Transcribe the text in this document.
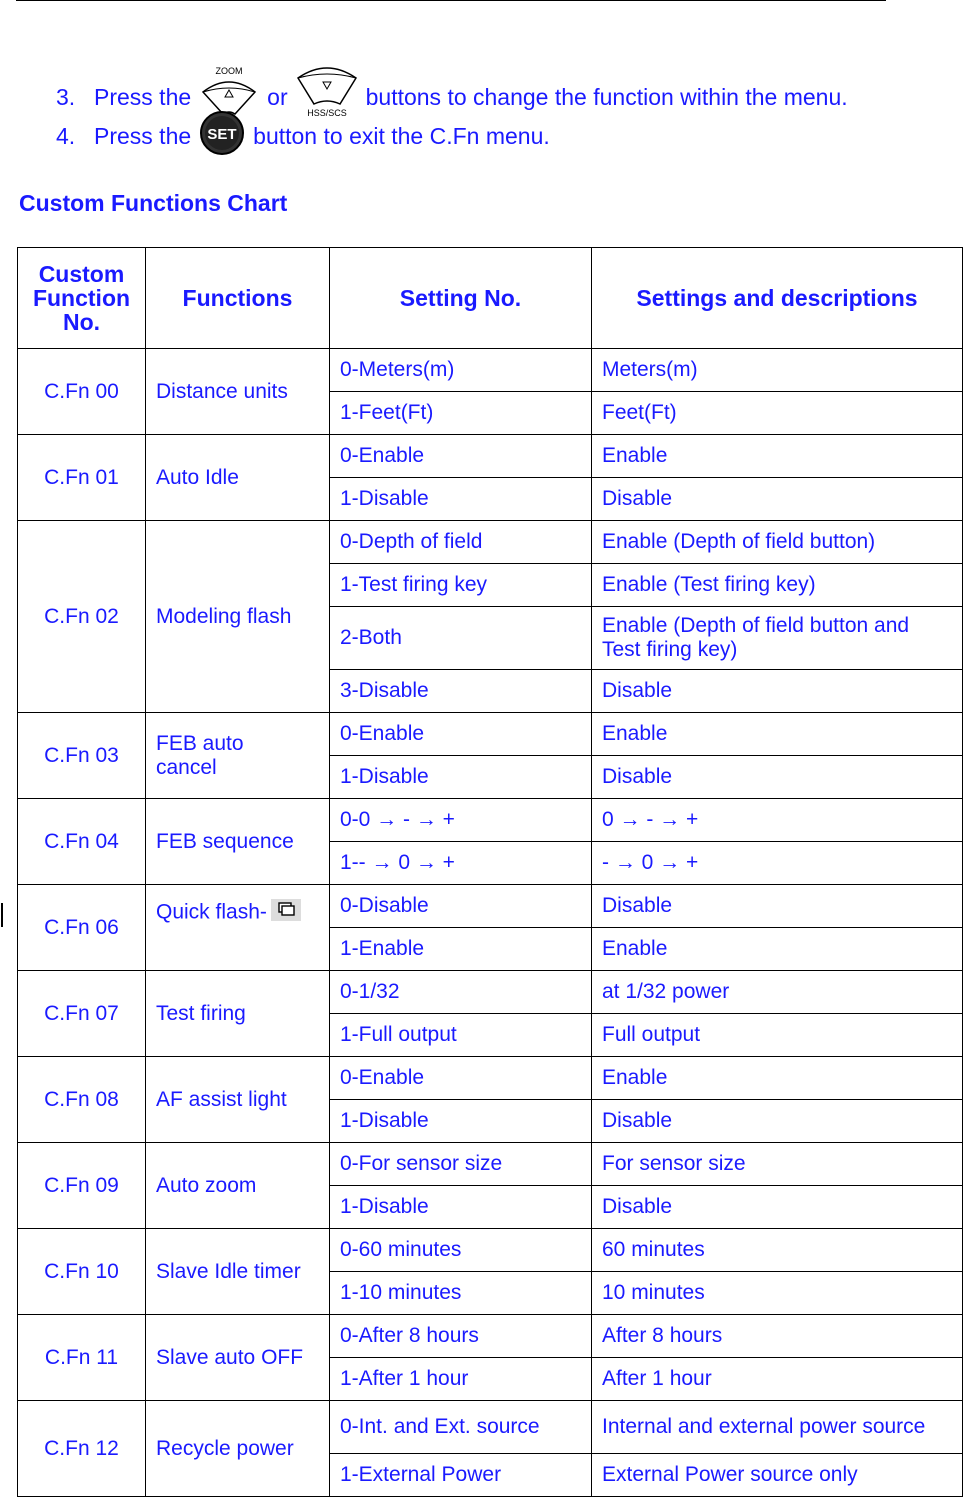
3. Press the
ZOOM
or
HSS/SCS
buttons to change the function within the menu.
4. Press the SET button to exit the C.Fn menu.
Custom Functions Chart
Custom Function No.	Functions	Setting No.	Settings and descriptions
C.Fn 00	Distance units	0-Meters(m)	Meters(m)
		1-Feet(Ft)	Feet(Ft)
C.Fn 01	Auto Idle	0-Enable	Enable
		1-Disable	Disable
C.Fn 02	Modeling flash	0-Depth of field	Enable (Depth of field button)
		1-Test firing key	Enable (Test firing key)
		2-Both	Enable (Depth of field button and Test firing key)
		3-Disable	Disable
C.Fn 03	FEB auto cancel	0-Enable	Enable
		1-Disable	Disable
C.Fn 04	FEB sequence	0-0 → - → +	0 → - → +
		1-- → 0 → +	- → 0 → +
C.Fn 06	Quick flash-	0-Disable	Disable
		1-Enable	Enable
C.Fn 07	Test firing	0-1/32	at 1/32 power
		1-Full output	Full output
C.Fn 08	AF assist light	0-Enable	Enable
		1-Disable	Disable
C.Fn 09	Auto zoom	0-For sensor size	For sensor size
		1-Disable	Disable
C.Fn 10	Slave Idle timer	0-60 minutes	60 minutes
		1-10 minutes	10 minutes
C.Fn 11	Slave auto OFF	0-After 8 hours	After 8 hours
		1-After 1 hour	After 1 hour
C.Fn 12	Recycle power	0-Int. and Ext. source	Internal and external power source
		1-External Power	External Power source only
